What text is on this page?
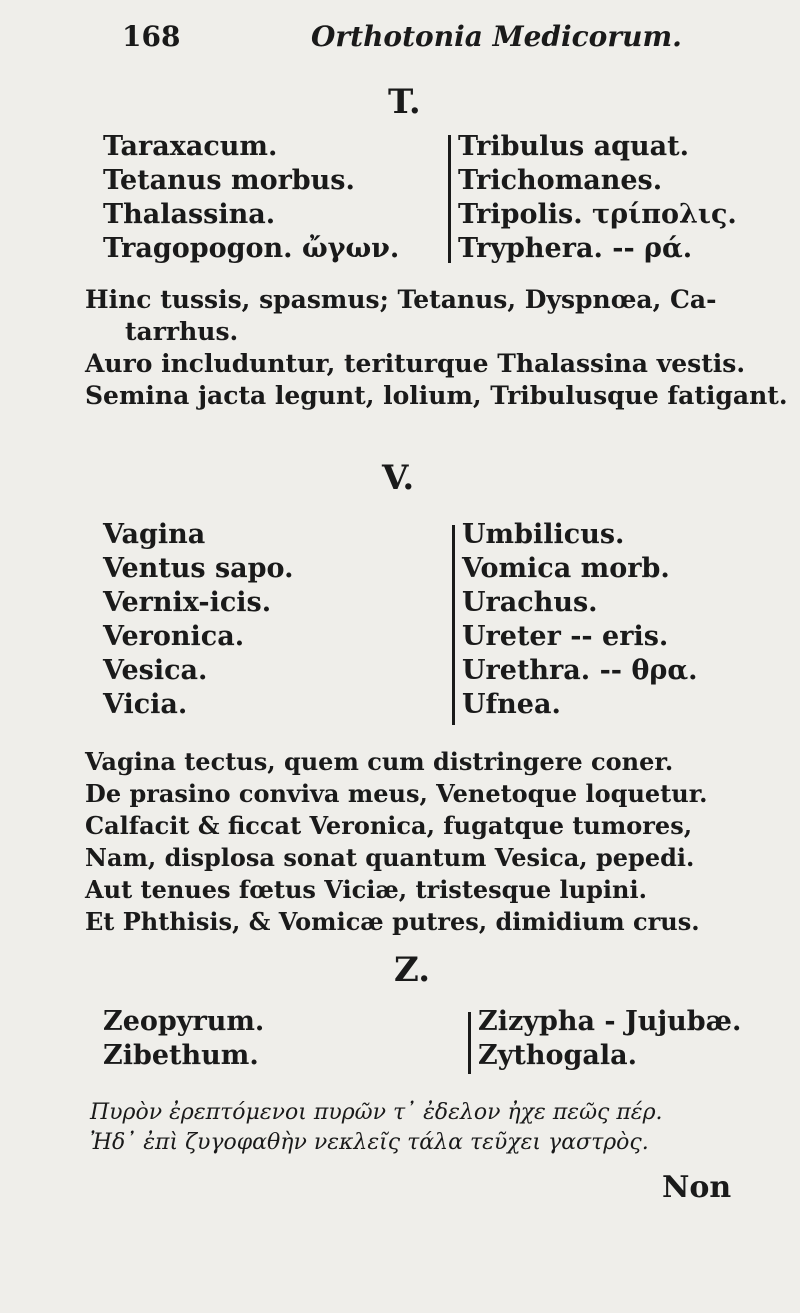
168	Orthotonia Medicorum.
T.
Taraxacum.
Tetanus morbus.
Thalassina.
Tragopogon. ὤγων.
Tribulus aquat.
Trichomanes.
Tripolis. τρίπολις.
Tryphera. -- ρά.
Hinc tussis, spasmus; Tetanus, Dyspnœa, Ca-
tarrhus.
Auro includuntur, teriturque Thalassina vestis.
Semina jacta legunt, lolium, Tribulusque fatigant.
V.
Vagina
Ventus sapo.
Vernix-icis.
Veronica.
Vesica.
Vicia.
Umbilicus.
Vomica morb.
Urachus.
Ureter -- eris.
Urethra. -- θρα.
Ufnea.
Vagina tectus, quem cum distringere coner.
De prasino conviva meus, Venetoque loquetur.
Calfacit & ficcat Veronica, fugatque tumores,
Nam, displosa sonat quantum Vesica, pepedi.
Aut tenues fœtus Viciæ, tristesque lupini.
Et Phthisis, & Vomicæ putres, dimidium crus.
Z.
Zeopyrum.
Zibethum.
Zizypha - Jujubæ.
Zythogala.
Πυρὸν ἐρεπτόμενοι πυρῶν τ᾽ ἐδελον ἠχε πεῶς πέρ.
Ἠδ᾽ ἐπὶ ζυγοφαθὴν νεκλεῖς τάλα τεῦχει γαστρὸς.
Non
